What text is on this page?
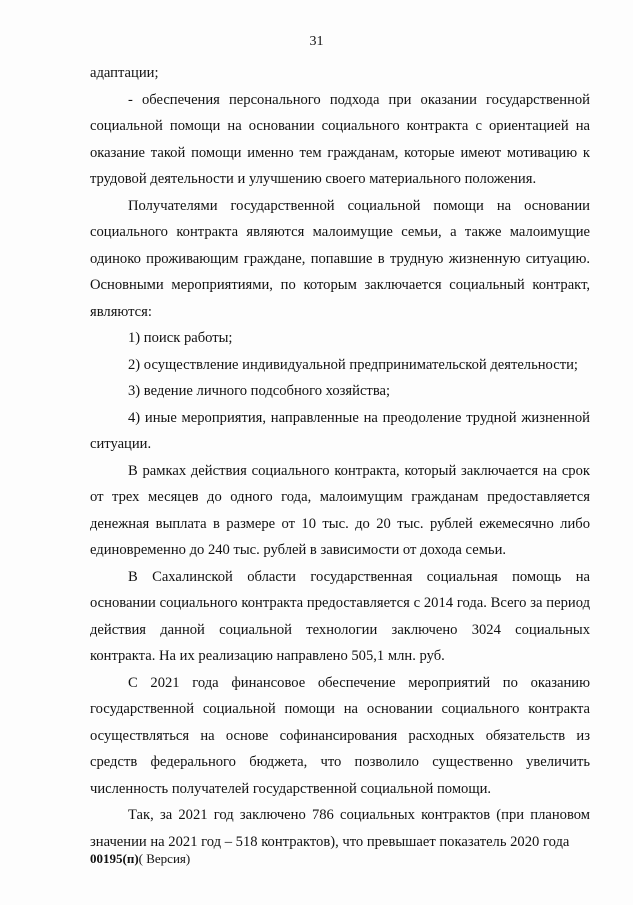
31

адаптации;

- обеспечения персонального подхода при оказании государственной социальной помощи на основании социального контракта с ориентацией на оказание такой помощи именно тем гражданам, которые имеют мотивацию к трудовой деятельности и улучшению своего материального положения.

Получателями государственной социальной помощи на основании социального контракта являются малоимущие семьи, а также малоимущие одиноко проживающим граждане, попавшие в трудную жизненную ситуацию. Основными мероприятиями, по которым заключается социальный контракт, являются:

1) поиск работы;

2) осуществление индивидуальной предпринимательской деятельности;

3) ведение личного подсобного хозяйства;

4) иные мероприятия, направленные на преодоление трудной жизненной ситуации.

В рамках действия социального контракта, который заключается на срок от трех месяцев до одного года, малоимущим гражданам предоставляется денежная выплата в размере от 10 тыс. до 20 тыс. рублей ежемесячно либо единовременно до 240 тыс. рублей в зависимости от дохода семьи.

В Сахалинской области государственная социальная помощь на основании социального контракта предоставляется с 2014 года. Всего за период действия данной социальной технологии заключено 3024 социальных контракта. На их реализацию направлено 505,1 млн. руб.

С 2021 года финансовое обеспечение мероприятий по оказанию государственной социальной помощи на основании социального контракта осуществляться на основе софинансирования расходных обязательств из средств федерального бюджета, что позволило существенно увеличить численность получателей государственной социальной помощи.

Так, за 2021 год заключено 786 социальных контрактов (при плановом значении на 2021 год – 518 контрактов), что превышает показатель 2020 года

00195(п)( Версия)
